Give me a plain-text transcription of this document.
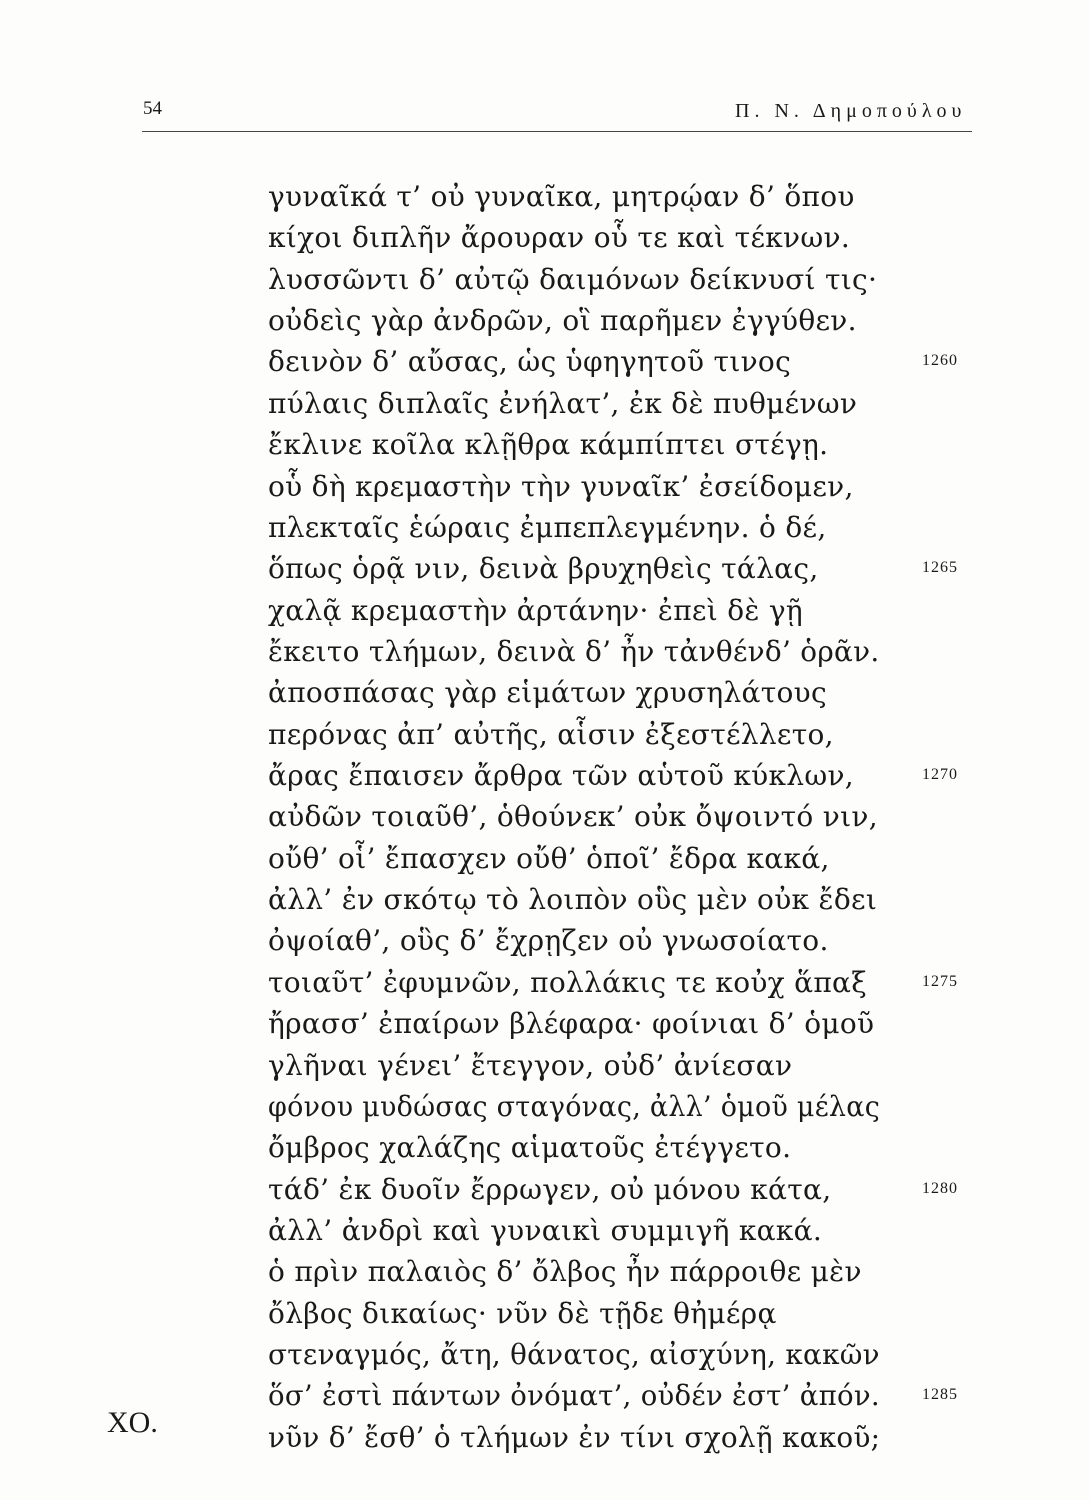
54	Π. Ν. Δημοπούλου
γυναῖκά τ’ οὐ γυναῖκα, μητρῴαν δ’ ὅπου
κίχοι διπλῆν ἄρουραν οὗ τε καὶ τέκνων.
λυσσῶντι δ’ αὐτῷ δαιμόνων δείκνυσί τις·
οὐδεὶς γὰρ ἀνδρῶν, οἳ παρῆμεν ἐγγύθεν.
δεινὸν δ’ αὔσας, ὡς ὑφηγητοῦ τινος	1260
πύλαις διπλαῖς ἐνήλατ’, ἐκ δὲ πυθμένων
ἔκλινε κοῖλα κλῇθρα κάμπίπτει στέγῃ.
οὗ δὴ κρεμαστὴν τὴν γυναῖκ’ ἐσείδομεν,
πλεκταῖς ἑώραις ἐμπεπλεγμένην. ὁ δέ,
ὅπως ὁρᾷ νιν, δεινὰ βρυχηθεὶς τάλας,	1265
χαλᾷ κρεμαστὴν ἀρτάνην· ἐπεὶ δὲ γῇ
ἔκειτο τλήμων, δεινὰ δ’ ἦν τἀνθένδ’ ὁρᾶν.
ἀποσπάσας γὰρ εἱμάτων χρυσηλάτους
περόνας ἀπ’ αὐτῆς, αἷσιν ἐξεστέλλετο,
ἄρας ἔπαισεν ἄρθρα τῶν αὑτοῦ κύκλων,	1270
αὐδῶν τοιαῦθ’, ὁθούνεκ’ οὐκ ὄψοιντό νιν,
οὔθ’ οἷ’ ἔπασχεν οὔθ’ ὁποῖ’ ἔδρα κακά,
ἀλλ’ ἐν σκότῳ τὸ λοιπὸν οὓς μὲν οὐκ ἔδει
ὀψοίαθ’, οὓς δ’ ἔχρῃζεν οὐ γνωσοίατο.
τοιαῦτ’ ἐφυμνῶν, πολλάκις τε κοὐχ ἅπαξ	1275
ἤρασσ’ ἐπαίρων βλέφαρα· φοίνιαι δ’ ὁμοῦ
γλῆναι γένει’ ἔτεγγον, οὐδ’ ἀνίεσαν
φόνου μυδώσας σταγόνας, ἀλλ’ ὁμοῦ μέλας
ὄμβρος χαλάζης αἱματοῦς ἐτέγγετο.
τάδ’ ἐκ δυοῖν ἔρρωγεν, οὐ μόνου κάτα,	1280
ἀλλ’ ἀνδρὶ καὶ γυναικὶ συμμιγῆ κακά.
ὁ πρὶν παλαιὸς δ’ ὄλβος ἦν πάρροιθε μὲν
ὄλβος δικαίως· νῦν δὲ τῇδε θἠμέρᾳ
στεναγμός, ἄτη, θάνατος, αἰσχύνη, κακῶν
ὅσ’ ἐστὶ πάντων ὀνόματ’, οὐδέν ἐστ’ ἀπόν.	1285
νῦν δ’ ἔσθ’ ὁ τλήμων ἐν τίνι σχολῇ κακοῦ;
ΧΟ.
